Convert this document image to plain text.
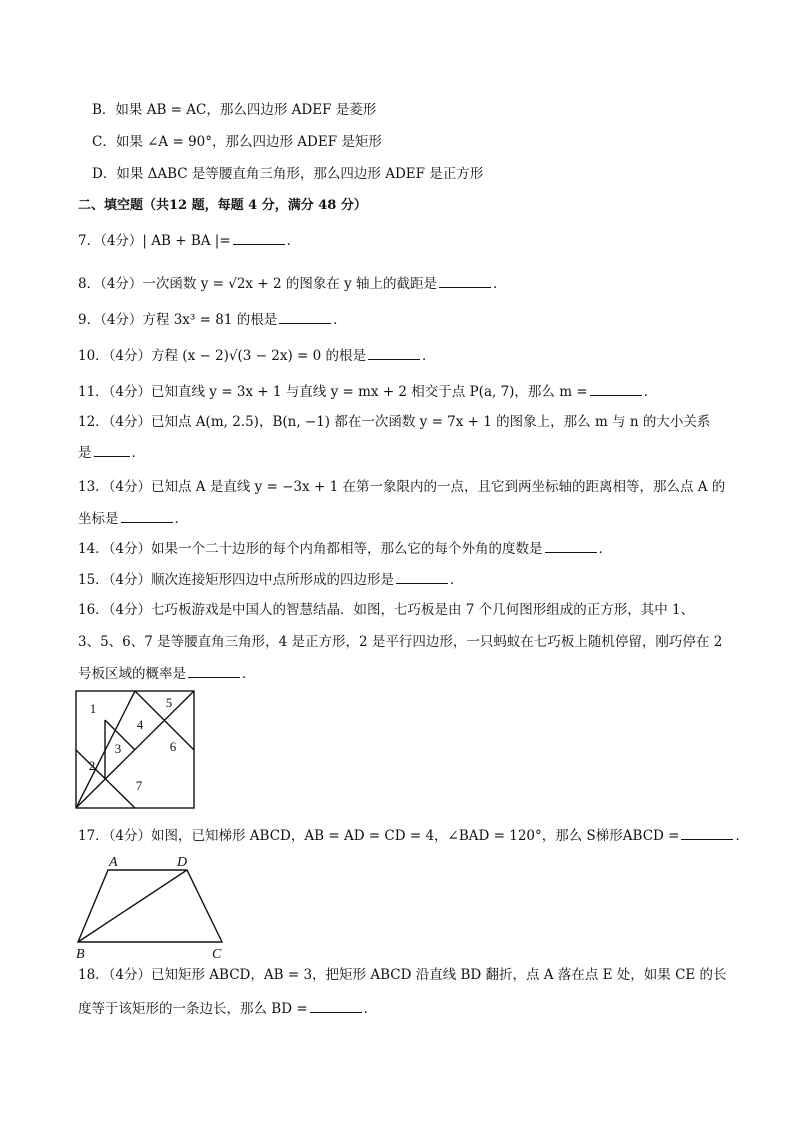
B．如果 AB = AC，那么四边形 ADEF 是菱形
C．如果 ∠A = 90°，那么四边形 ADEF 是矩形
D．如果 ΔABC 是等腰直角三角形，那么四边形 ADEF 是正方形
二、填空题（共12 题，每题 4 分，满分 48 分）
7．（4分）| AB + BA |=	．
8．（4分）一次函数 y = √2x + 2 的图象在 y 轴上的截距是	．
9．（4分）方程 3x³ = 81 的根是	．
10．（4分）方程 (x − 2)√(3 − 2x) = 0 的根是	．
11．（4分）已知直线 y = 3x + 1 与直线 y = mx + 2 相交于点 P(a, 7)，那么 m =	．
12．（4分）已知点 A(m, 2.5)，B(n, −1) 都在一次函数 y = 7x + 1 的图象上，那么 m 与 n 的大小关系
是	．
13．（4分）已知点 A 是直线 y = −3x + 1 在第一象限内的一点，且它到两坐标轴的距离相等，那么点 A 的
坐标是	．
14．（4分）如果一个二十边形的每个内角都相等，那么它的每个外角的度数是	．
15．（4分）顺次连接矩形四边中点所形成的四边形是	．
16．（4分）七巧板游戏是中国人的智慧结晶．如图，七巧板是由 7 个几何图形组成的正方形，其中 1、
3、5、6、7 是等腰直角三角形，4 是正方形，2 是平行四边形，一只蚂蚁在七巧板上随机停留，刚巧停在 2
号板区域的概率是	．
1
2
3
4
5
6
7
17．（4分）如图，已知梯形 ABCD，AB = AD = CD = 4，∠BAD = 120°，那么 S梯形ABCD =	．
A	D
B	C
18．（4分）已知矩形 ABCD，AB = 3，把矩形 ABCD 沿直线 BD 翻折，点 A 落在点 E 处，如果 CE 的长
度等于该矩形的一条边长，那么 BD =	．
